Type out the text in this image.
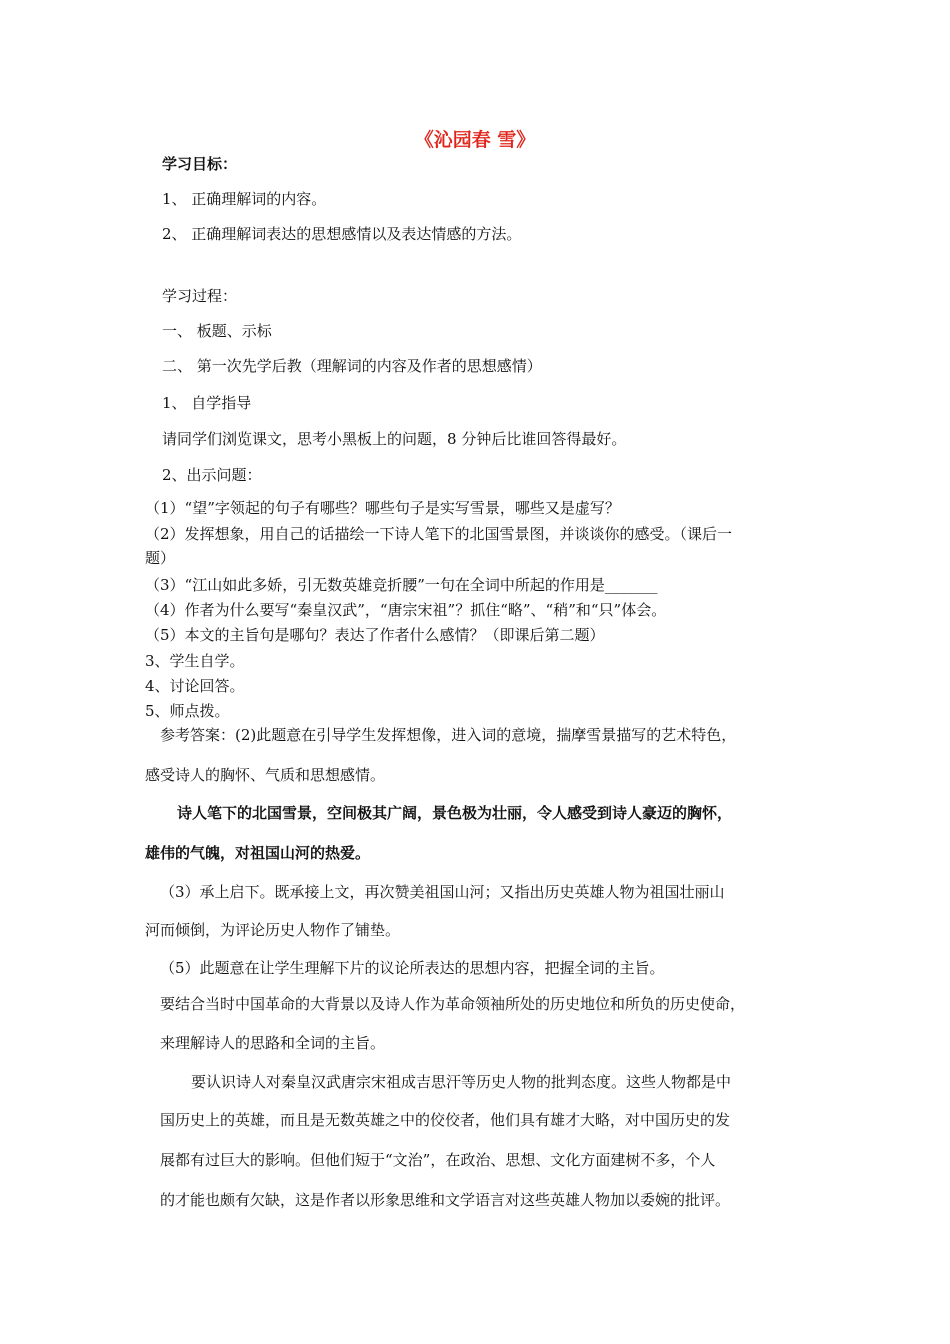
《沁园春 雪》
学习目标：
1、 正确理解词的内容。
2、 正确理解词表达的思想感情以及表达情感的方法。
学习过程：
一、 板题、示标
二、 第一次先学后教（理解词的内容及作者的思想感情）
1、 自学指导
请同学们浏览课文，思考小黑板上的问题，8 分钟后比谁回答得最好。
2、出示问题：
（1）“望”字领起的句子有哪些？哪些句子是实写雪景，哪些又是虚写？
（2）发挥想象，用自己的话描绘一下诗人笔下的北国雪景图，并谈谈你的感受。（课后一
题）
（3）“江山如此多娇，引无数英雄竞折腰”一句在全词中所起的作用是_______
（4）作者为什么要写“秦皇汉武”，“唐宗宋祖”？抓住“略”、“稍”和“只”体会。
（5）本文的主旨句是哪句？表达了作者什么感情？（即课后第二题）
3、学生自学。
4、讨论回答。
5、师点拨。
参考答案：(2)此题意在引导学生发挥想像，进入词的意境，揣摩雪景描写的艺术特色，
感受诗人的胸怀、气质和思想感情。
诗人笔下的北国雪景，空间极其广阔，景色极为壮丽，令人感受到诗人豪迈的胸怀，
雄伟的气魄，对祖国山河的热爱。
（3）承上启下。既承接上文，再次赞美祖国山河；又指出历史英雄人物为祖国壮丽山
河而倾倒，为评论历史人物作了铺垫。
（5）此题意在让学生理解下片的议论所表达的思想内容，把握全词的主旨。
要结合当时中国革命的大背景以及诗人作为革命领袖所处的历史地位和所负的历史使命，
来理解诗人的思路和全词的主旨。
要认识诗人对秦皇汉武唐宗宋祖成吉思汗等历史人物的批判态度。这些人物都是中
国历史上的英雄，而且是无数英雄之中的佼佼者，他们具有雄才大略，对中国历史的发
展都有过巨大的影响。但他们短于“文治”，在政治、思想、文化方面建树不多，个人
的才能也颇有欠缺，这是作者以形象思维和文学语言对这些英雄人物加以委婉的批评。
